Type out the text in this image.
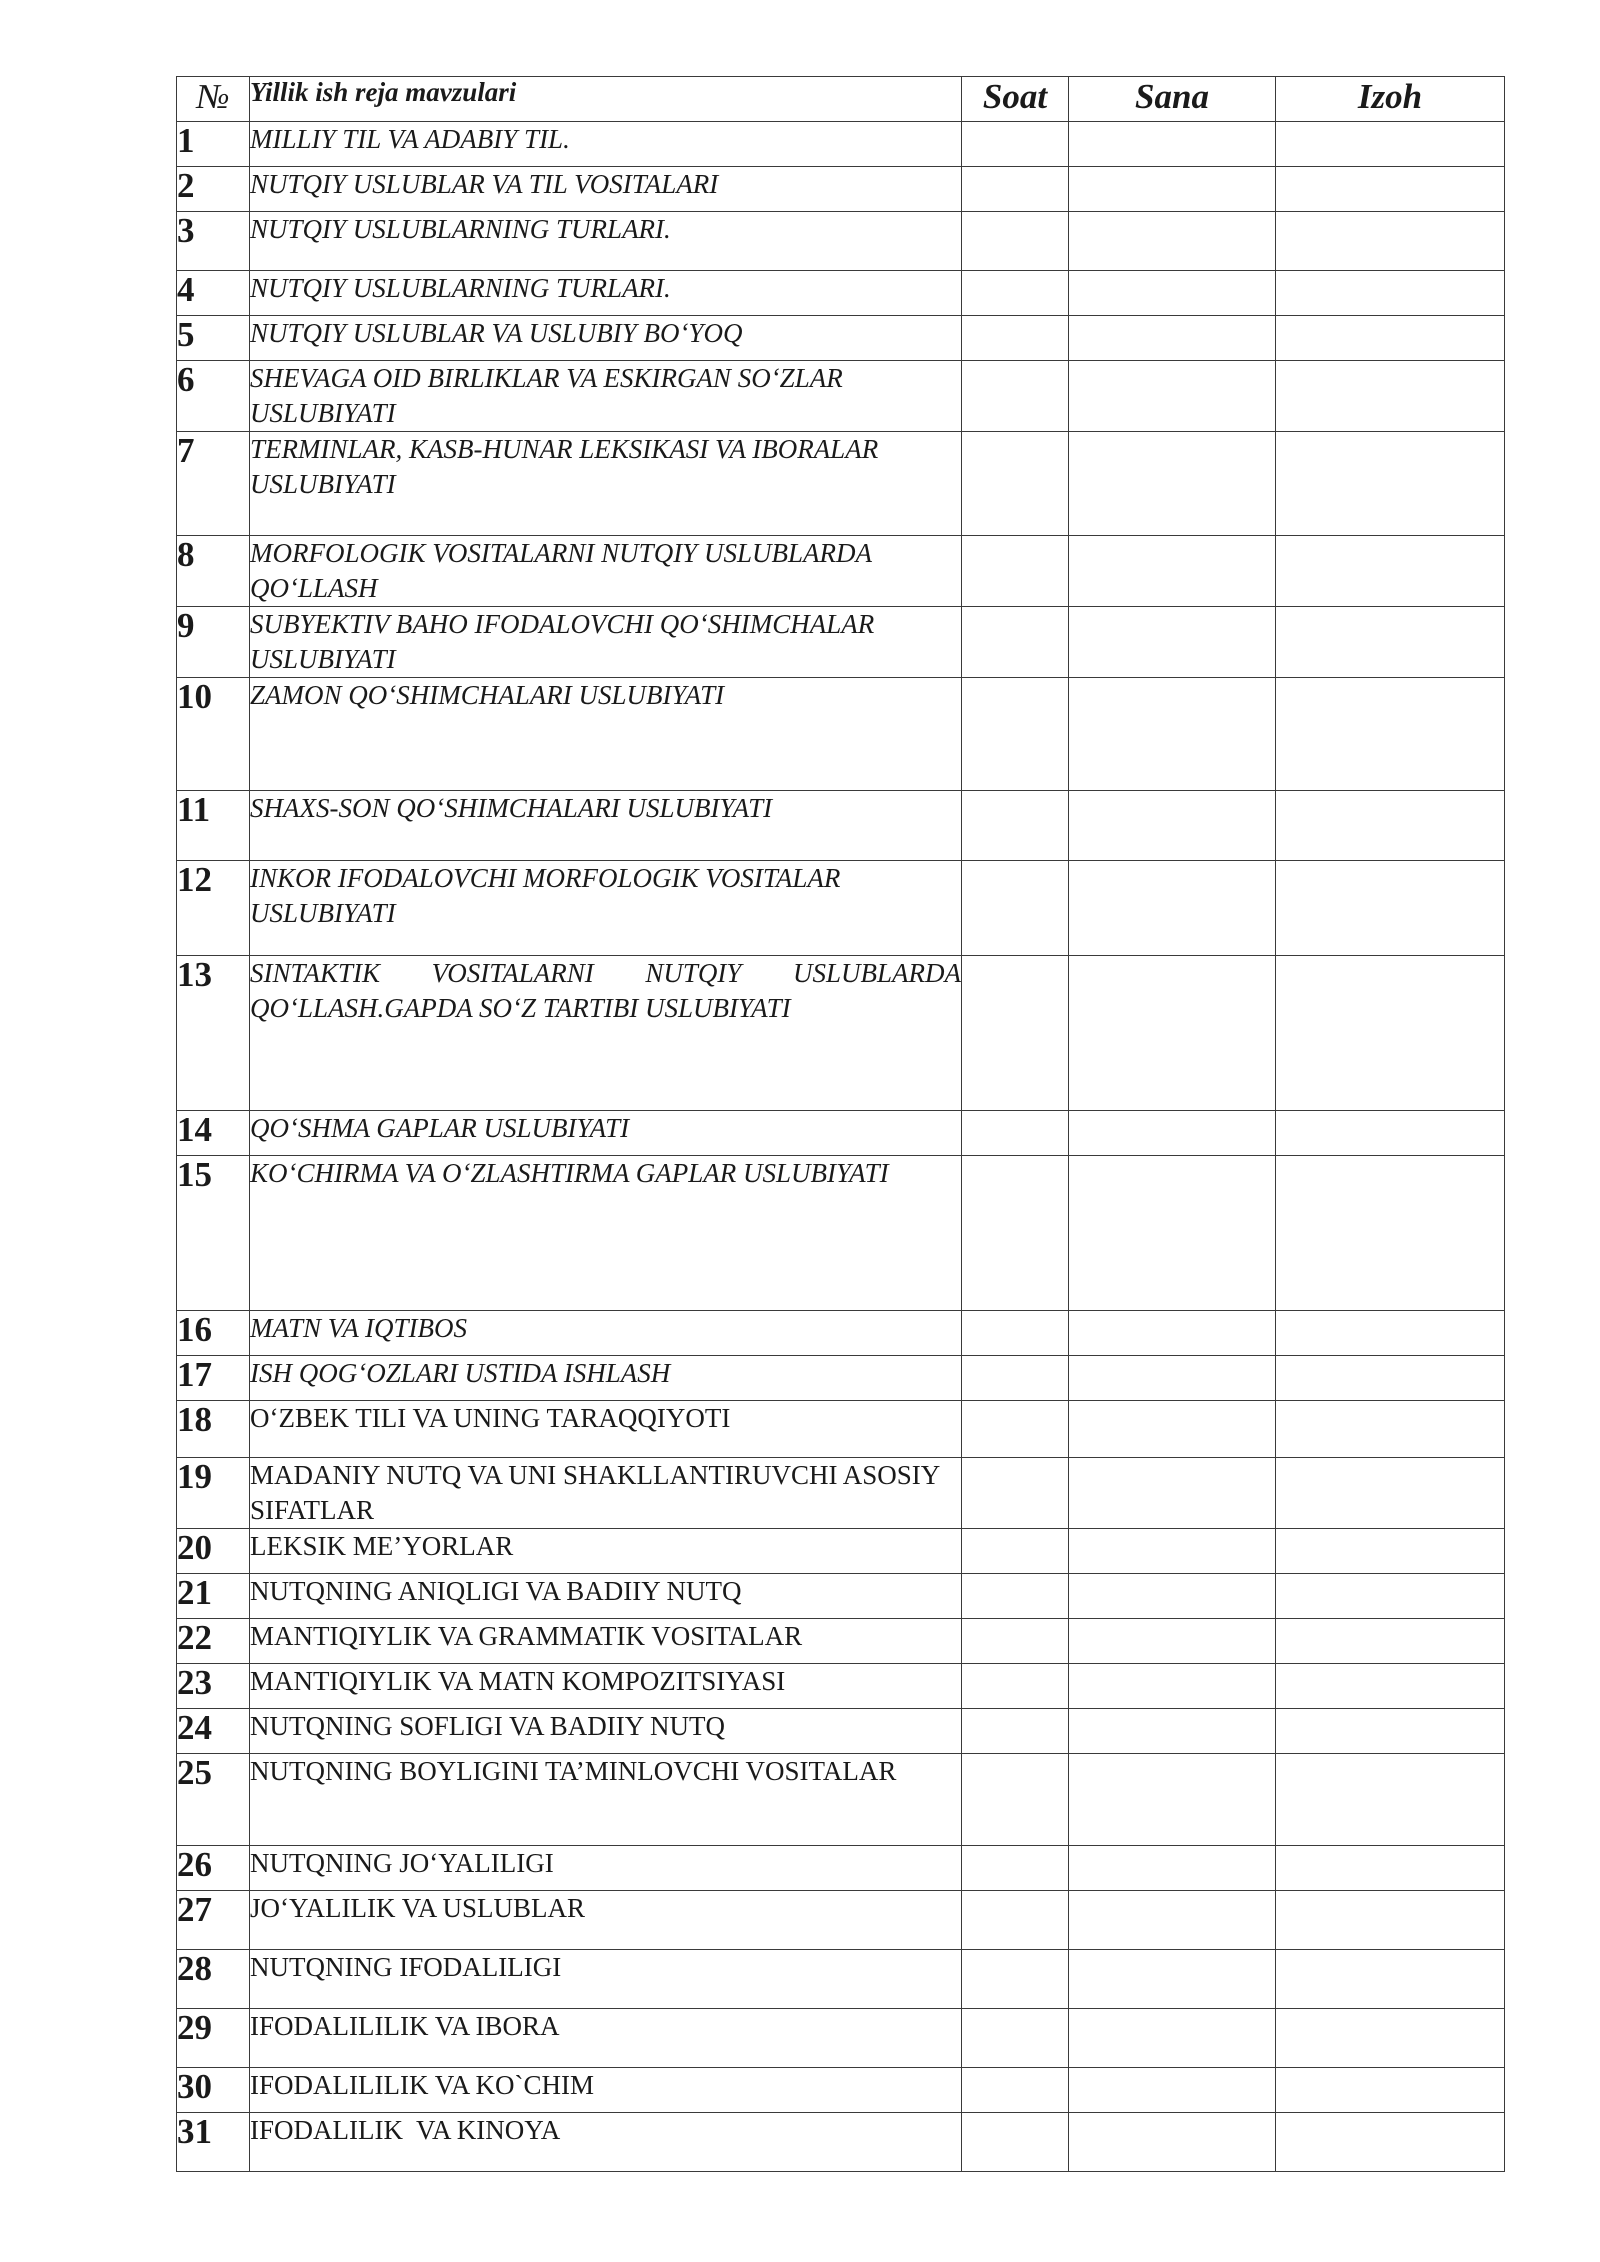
№	Yillik ish reja mavzulari	Soat	Sana	Izoh
1	MILLIY TIL VA ADABIY TIL.			
2	NUTQIY USLUBLAR VA TIL VOSITALARI			
3	NUTQIY USLUBLARNING TURLARI.			
4	NUTQIY USLUBLARNING TURLARI.			
5	NUTQIY USLUBLAR VA USLUBIY BO‘YOQ			
6	SHEVAGA OID BIRLIKLAR VA ESKIRGAN SO‘ZLAR USLUBIYATI			
7	TERMINLAR, KASB-HUNAR LEKSIKASI VA IBORALAR USLUBIYATI			
8	MORFOLOGIK VOSITALARNI NUTQIY USLUBLARDA QO‘LLASH			
9	SUBYEKTIV BAHO IFODALOVCHI QO‘SHIMCHALAR USLUBIYATI			
10	ZAMON QO‘SHIMCHALARI USLUBIYATI			
11	SHAXS-SON QO‘SHIMCHALARI USLUBIYATI			
12	INKOR IFODALOVCHI MORFOLOGIK VOSITALAR USLUBIYATI			
13	SINTAKTIK VOSITALARNI NUTQIY USLUBLARDA QO‘LLASH.GAPDA SO‘Z TARTIBI USLUBIYATI			
14	QO‘SHMA GAPLAR USLUBIYATI			
15	KO‘CHIRMA VA O‘ZLASHTIRMA GAPLAR USLUBIYATI			
16	MATN VA IQTIBOS			
17	ISH QOG‘OZLARI USTIDA ISHLASH			
18	O‘ZBEK TILI VA UNING TARAQQIYOTI			
19	MADANIY NUTQ VA UNI SHAKLLANTIRUVCHI ASOSIY SIFATLAR			
20	LEKSIK ME’YORLAR			
21	NUTQNING ANIQLIGI VA BADIIY NUTQ			
22	MANTIQIYLIK VA GRAMMATIK VOSITALAR			
23	MANTIQIYLIK VA MATN KOMPOZITSIYASI			
24	NUTQNING SOFLIGI VA BADIIY NUTQ			
25	NUTQNING BOYLIGINI TA’MINLOVCHI VOSITALAR			
26	NUTQNING JO‘YALILIGI			
27	JO‘YALILIK VA USLUBLAR			
28	NUTQNING IFODALILIGI			
29	IFODALILILIK VA IBORA			
30	IFODALILILIK VA KO`CHIM			
31	IFODALILIK  VA KINOYA			
